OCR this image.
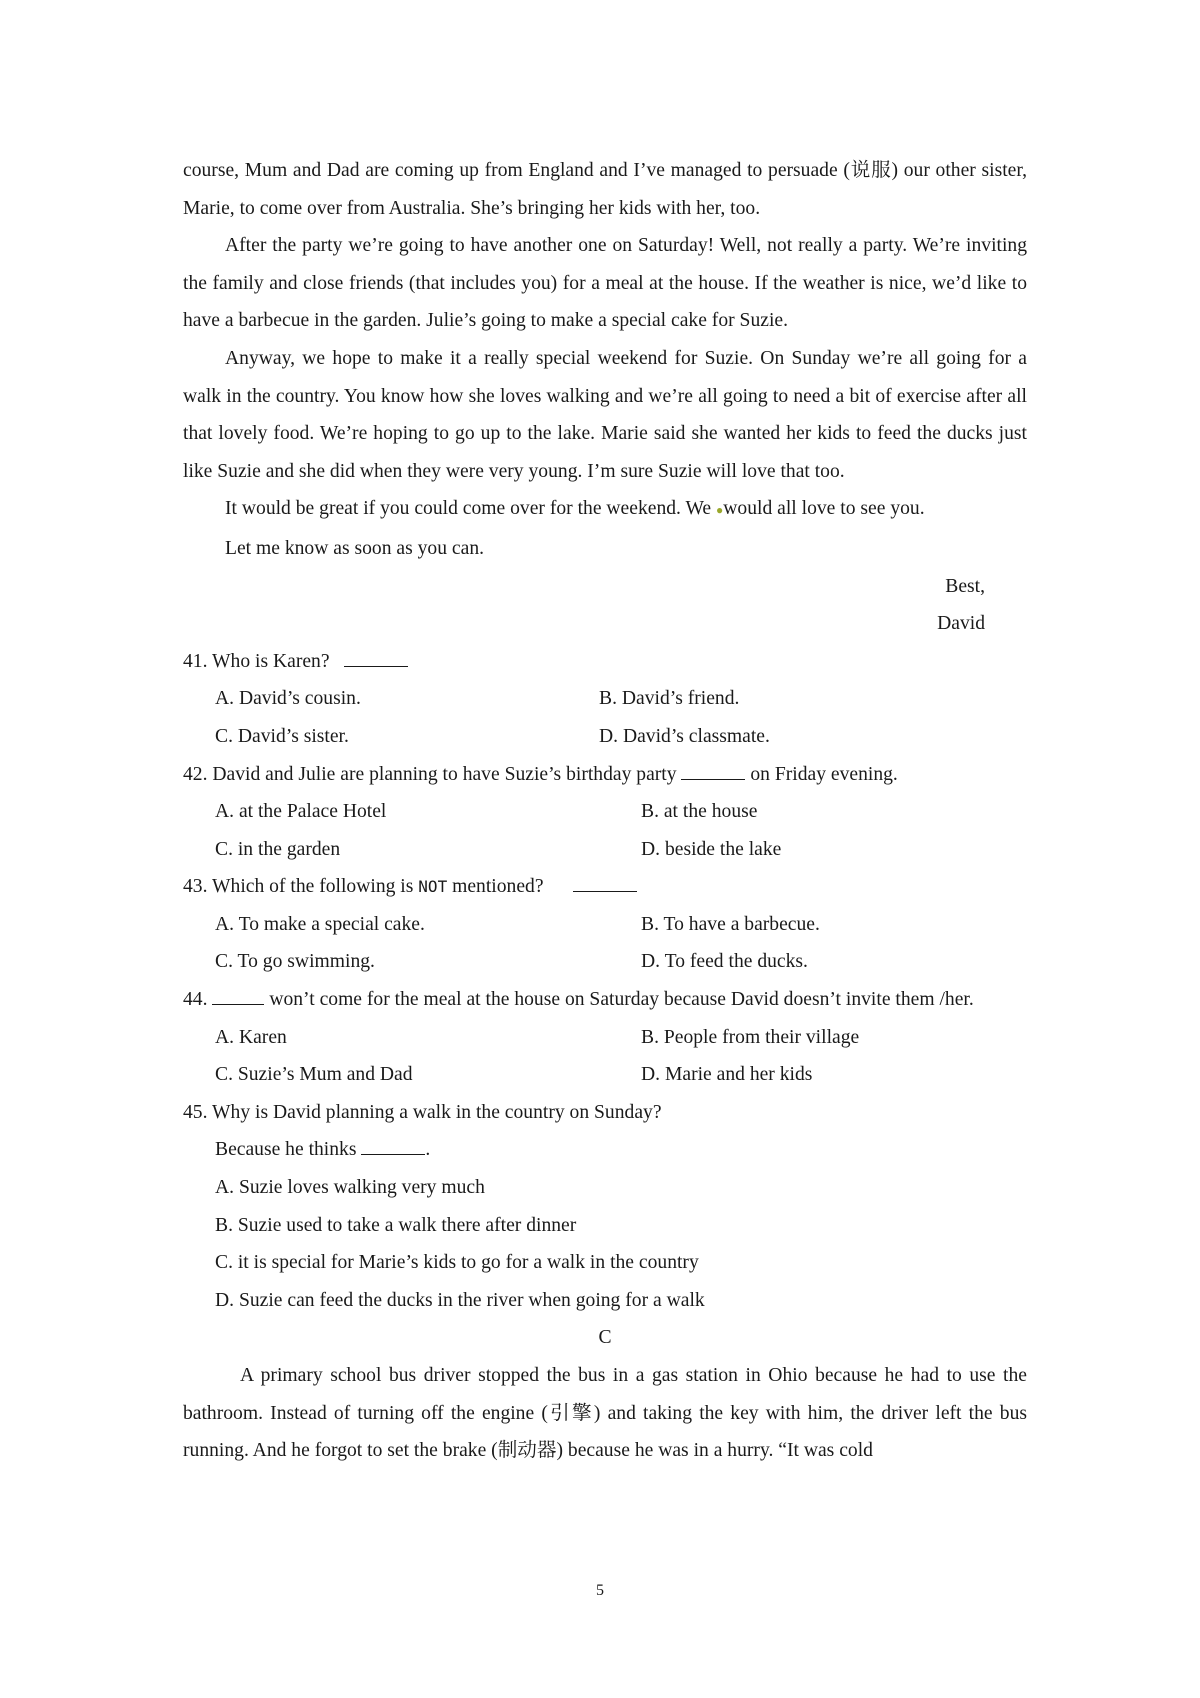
course, Mum and Dad are coming up from England and I’ve managed to persuade (说服) our other sister, Marie, to come over from Australia. She’s bringing her kids with her, too.

After the party we’re going to have another one on Saturday! Well, not really a party. We’re inviting the family and close friends (that includes you) for a meal at the house. If the weather is nice, we’d like to have a barbecue in the garden. Julie’s going to make a special cake for Suzie.

Anyway, we hope to make it a really special weekend for Suzie. On Sunday we’re all going for a walk in the country. You know how she loves walking and we’re all going to need a bit of exercise after all that lovely food. We’re hoping to go up to the lake. Marie said she wanted her kids to feed the ducks just like Suzie and she did when they were very young. I’m sure Suzie will love that too.

It would be great if you could come over for the weekend. We ●would all love to see you.

Let me know as soon as you can.

Best,

David

41. Who is Karen?

A. David’s cousin.	B. David’s friend.
C. David’s sister.	D. David’s classmate.

42. David and Julie are planning to have Suzie’s birthday party	on Friday evening.

A. at the Palace Hotel	B. at the house
C. in the garden	D. beside the lake

43. Which of the following is NOT mentioned?

A. To make a special cake.	B. To have a barbecue.
C. To go swimming.	D. To feed the ducks.

44.	won’t come for the meal at the house on Saturday because David doesn’t invite them /her.

A. Karen	B. People from their village
C. Suzie’s Mum and Dad	D. Marie and her kids

45. Why is David planning a walk in the country on Sunday?

Because he thinks	.

A. Suzie loves walking very much

B. Suzie used to take a walk there after dinner

C. it is special for Marie’s kids to go for a walk in the country

D. Suzie can feed the ducks in the river when going for a walk

C

A primary school bus driver stopped the bus in a gas station in Ohio because he had to use the bathroom. Instead of turning off the engine (引擎) and taking the key with him, the driver left the bus running. And he forgot to set the brake (制动器) because he was in a hurry. “It was cold

5
